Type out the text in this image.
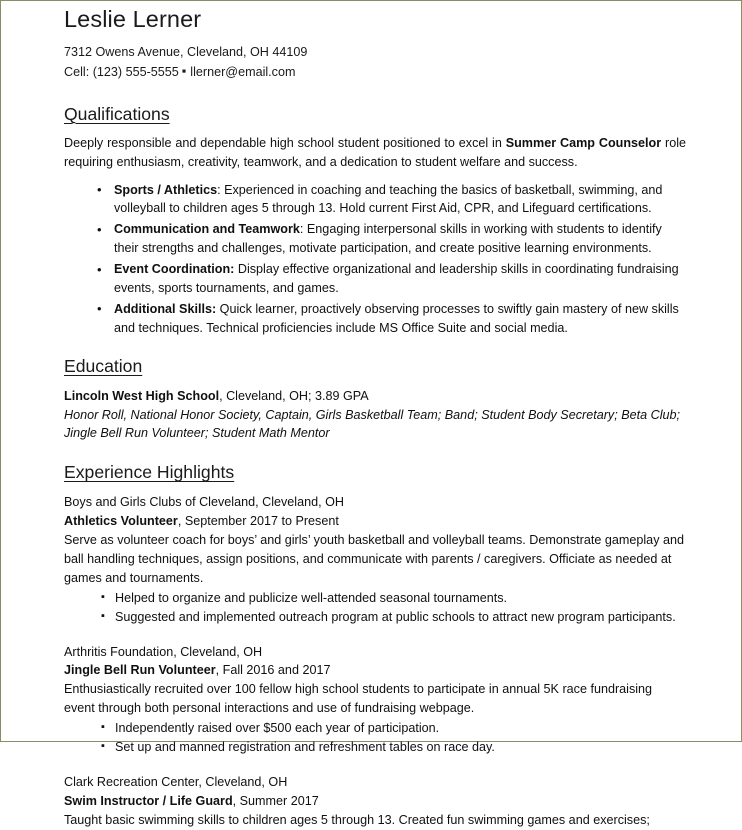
Leslie Lerner

7312 Owens Avenue, Cleveland, OH 44109

Cell: (123) 555-5555 ▪ llerner@email.com

Qualifications

Deeply responsible and dependable high school student positioned to excel in Summer Camp Counselor role requiring enthusiasm, creativity, teamwork, and a dedication to student welfare and success.

• Sports / Athletics: Experienced in coaching and teaching the basics of basketball, swimming, and volleyball to children ages 5 through 13. Hold current First Aid, CPR, and Lifeguard certifications.
• Communication and Teamwork: Engaging interpersonal skills in working with students to identify their strengths and challenges, motivate participation, and create positive learning environments.
• Event Coordination: Display effective organizational and leadership skills in coordinating fundraising events, sports tournaments, and games.
• Additional Skills: Quick learner, proactively observing processes to swiftly gain mastery of new skills and techniques. Technical proficiencies include MS Office Suite and social media.
Education

Lincoln West High School, Cleveland, OH; 3.89 GPA

Honor Roll, National Honor Society, Captain, Girls Basketball Team; Band; Student Body Secretary; Beta Club; Jingle Bell Run Volunteer; Student Math Mentor

Experience Highlights

Boys and Girls Clubs of Cleveland, Cleveland, OH

Athletics Volunteer, September 2017 to Present

Serve as volunteer coach for boys’ and girls’ youth basketball and volleyball teams. Demonstrate gameplay and ball handling techniques, assign positions, and communicate with parents / caregivers. Officiate as needed at games and tournaments.

▪ Helped to organize and publicize well-attended seasonal tournaments.
▪ Suggested and implemented outreach program at public schools to attract new program participants.

Arthritis Foundation, Cleveland, OH

Jingle Bell Run Volunteer, Fall 2016 and 2017

Enthusiastically recruited over 100 fellow high school students to participate in annual 5K race fundraising event through both personal interactions and use of fundraising webpage.

▪ Independently raised over $500 each year of participation.
▪ Set up and manned registration and refreshment tables on race day.

Clark Recreation Center, Cleveland, OH

Swim Instructor / Life Guard, Summer 2017

Taught basic swimming skills to children ages 5 through 13. Created fun swimming games and exercises;
